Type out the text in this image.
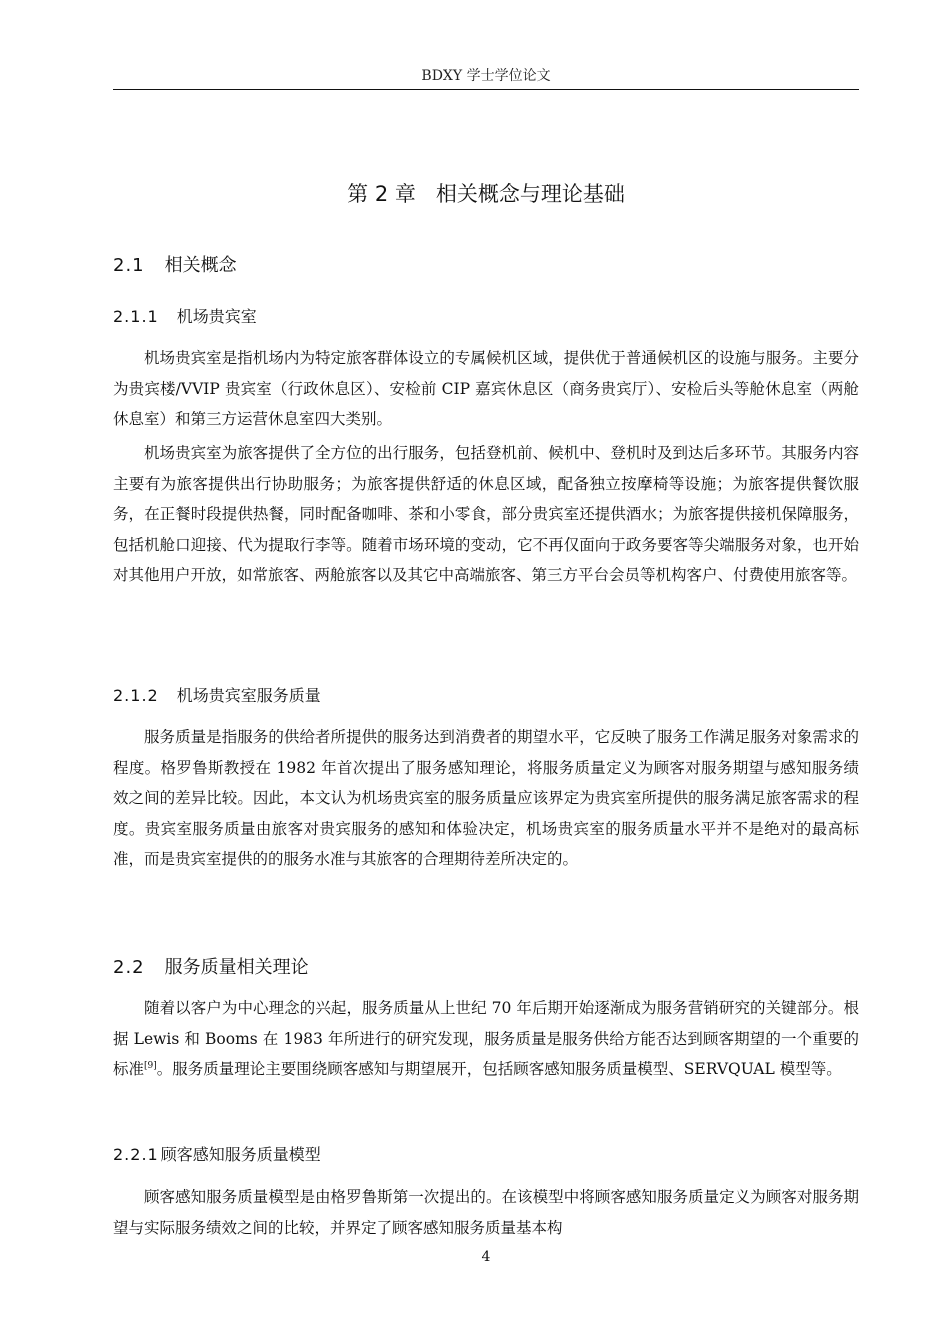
BDXY 学士学位论文
第 2 章 相关概念与理论基础
2.1 相关概念
2.1.1 机场贵宾室

机场贵宾室是指机场内为特定旅客群体设立的专属候机区域，提供优于普通候机区的设施与服务。主要分为贵宾楼/VVIP 贵宾室（行政休息区）、安检前 CIP 嘉宾休息区（商务贵宾厅）、安检后头等舱休息室（两舱休息室）和第三方运营休息室四大类别。

机场贵宾室为旅客提供了全方位的出行服务，包括登机前、候机中、登机时及到达后多环节。其服务内容主要有为旅客提供出行协助服务；为旅客提供舒适的休息区域，配备独立按摩椅等设施；为旅客提供餐饮服务，在正餐时段提供热餐，同时配备咖啡、茶和小零食，部分贵宾室还提供酒水；为旅客提供接机保障服务，包括机舱口迎接、代为提取行李等。随着市场环境的变动，它不再仅面向于政务要客等尖端服务对象，也开始对其他用户开放，如常旅客、两舱旅客以及其它中高端旅客、第三方平台会员等机构客户、付费使用旅客等。

2.1.2 机场贵宾室服务质量

服务质量是指服务的供给者所提供的服务达到消费者的期望水平，它反映了服务工作满足服务对象需求的程度。格罗鲁斯教授在 1982 年首次提出了服务感知理论，将服务质量定义为顾客对服务期望与感知服务绩效之间的差异比较。因此，本文认为机场贵宾室的服务质量应该界定为贵宾室所提供的服务满足旅客需求的程度。贵宾室服务质量由旅客对贵宾服务的感知和体验决定，机场贵宾室的服务质量水平并不是绝对的最高标准，而是贵宾室提供的的服务水准与其旅客的合理期待差所决定的。

2.2 服务质量相关理论

随着以客户为中心理念的兴起，服务质量从上世纪 70 年后期开始逐渐成为服务营销研究的关键部分。根据 Lewis 和 Booms 在 1983 年所进行的研究发现，服务质量是服务供给方能否达到顾客期望的一个重要的标准[9]。服务质量理论主要围绕顾客感知与期望展开，包括顾客感知服务质量模型、SERVQUAL 模型等。

2.2.1 顾客感知服务质量模型

顾客感知服务质量模型是由格罗鲁斯第一次提出的。在该模型中将顾客感知服务质量定义为顾客对服务期望与实际服务绩效之间的比较，并界定了顾客感知服务质量基本构

4
